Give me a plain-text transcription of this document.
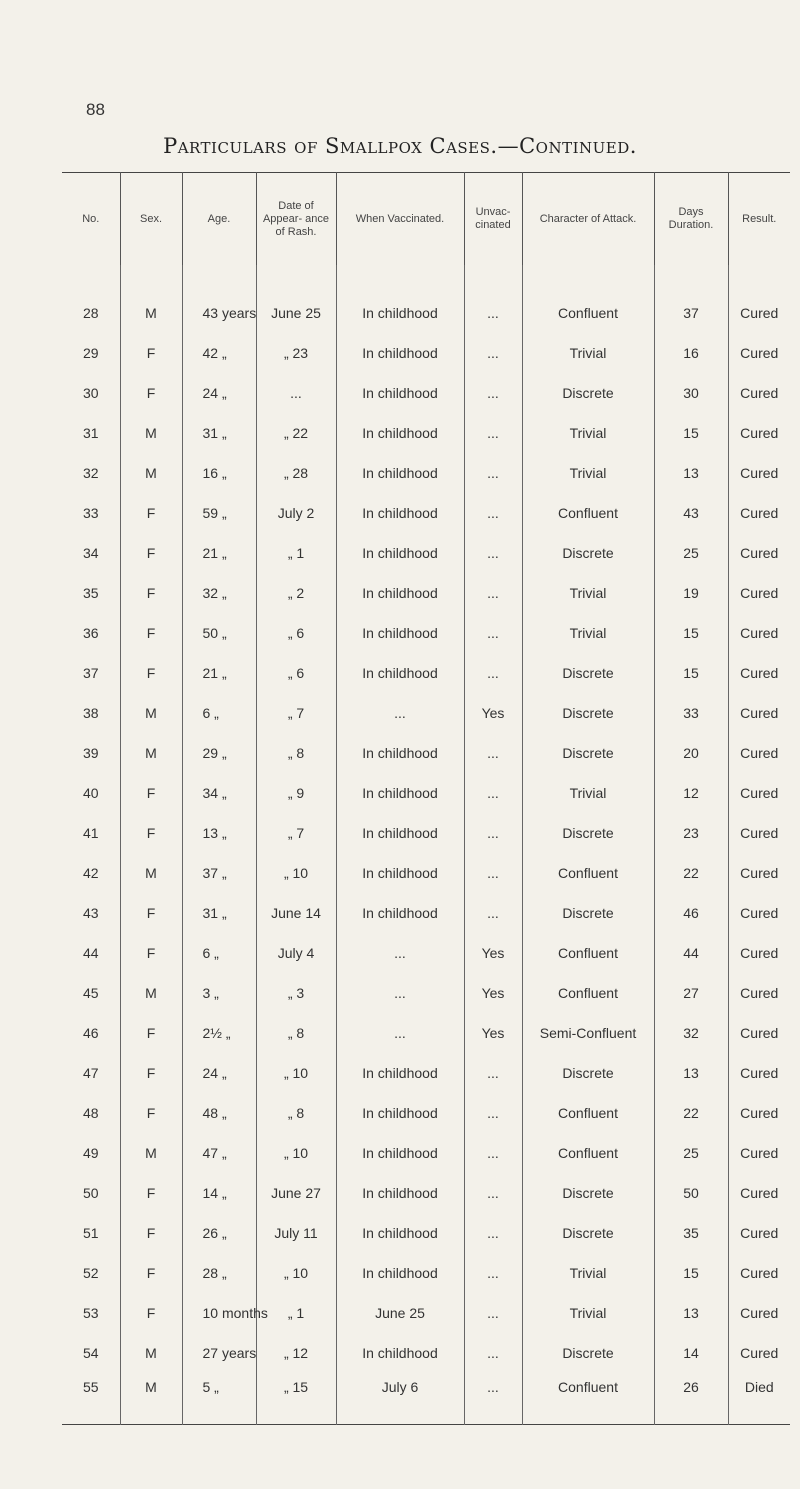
88
Particulars of Smallpox Cases.—Continued.
No.	Sex.	Age.	Date of Appear- ance of Rash.	When Vaccinated.	Unvac- cinated	Character of Attack.	Days Duration.	Result.

28	M	43 years	June 25	In childhood	...	Confluent	37	Cured
29	F	42 „	„ 23	In childhood	...	Trivial	16	Cured
30	F	24 „	...	In childhood	...	Discrete	30	Cured
31	M	31 „	„ 22	In childhood	...	Trivial	15	Cured
32	M	16 „	„ 28	In childhood	...	Trivial	13	Cured
33	F	59 „	July 2	In childhood	...	Confluent	43	Cured
34	F	21 „	„ 1	In childhood	...	Discrete	25	Cured
35	F	32 „	„ 2	In childhood	...	Trivial	19	Cured
36	F	50 „	„ 6	In childhood	...	Trivial	15	Cured
37	F	21 „	„ 6	In childhood	...	Discrete	15	Cured
38	M	6 „	„ 7	...	Yes	Discrete	33	Cured
39	M	29 „	„ 8	In childhood	...	Discrete	20	Cured
40	F	34 „	„ 9	In childhood	...	Trivial	12	Cured
41	F	13 „	„ 7	In childhood	...	Discrete	23	Cured
42	M	37 „	„ 10	In childhood	...	Confluent	22	Cured
43	F	31 „	June 14	In childhood	...	Discrete	46	Cured
44	F	6 „	July 4	...	Yes	Confluent	44	Cured
45	M	3 „	„ 3	...	Yes	Confluent	27	Cured
46	F	2½ „	„ 8	...	Yes	Semi-Confluent	32	Cured
47	F	24 „	„ 10	In childhood	...	Discrete	13	Cured
48	F	48 „	„ 8	In childhood	...	Confluent	22	Cured
49	M	47 „	„ 10	In childhood	...	Confluent	25	Cured
50	F	14 „	June 27	In childhood	...	Discrete	50	Cured
51	F	26 „	July 11	In childhood	...	Discrete	35	Cured
52	F	28 „	„ 10	In childhood	...	Trivial	15	Cured
53	F	10 months	„ 1	June 25	...	Trivial	13	Cured
54	M	27 years	„ 12	In childhood	...	Discrete	14	Cured
55	M	5 „	„ 15	July 6	...	Confluent	26	Died
